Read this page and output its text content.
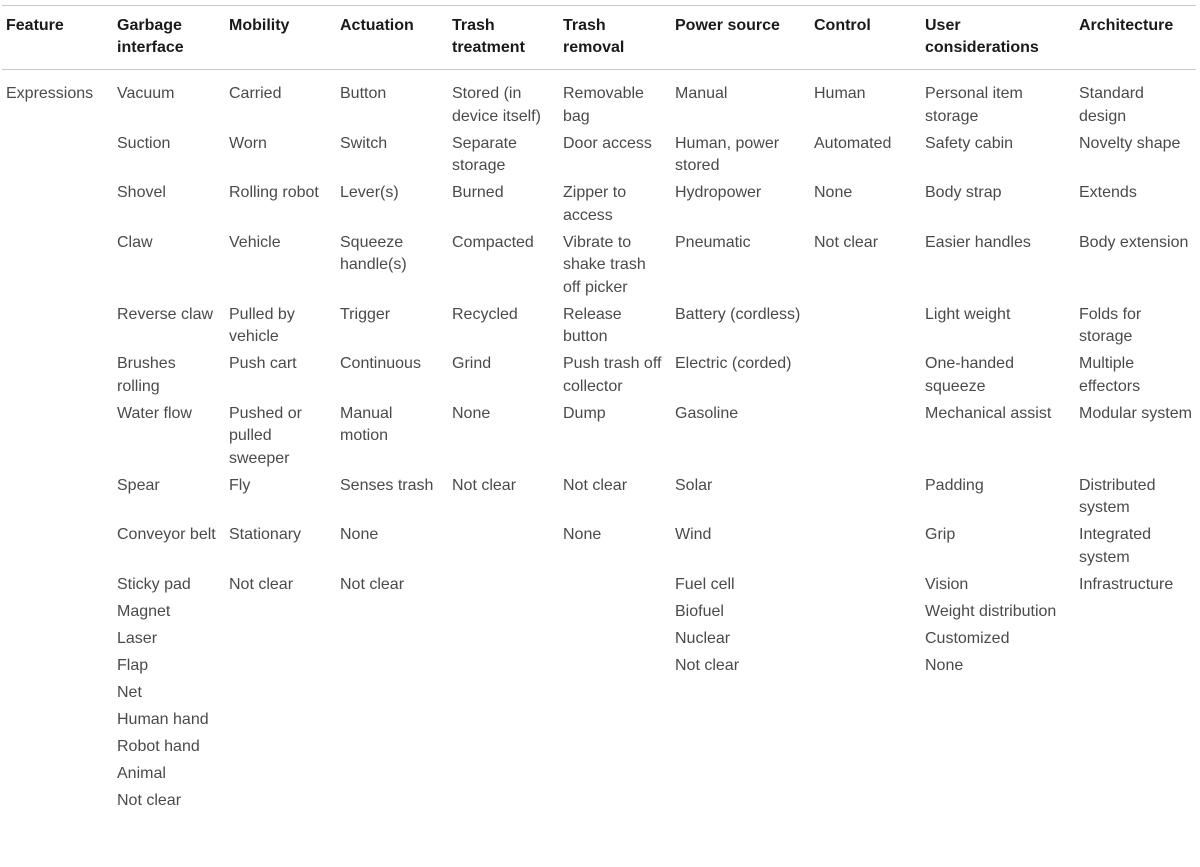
Feature	Garbage interface	Mobility	Actuation	Trash treatment	Trash removal	Power source	Control	User considerations	Architecture
Expressions	Vacuum	Carried	Button	Stored (in device itself)	Removable bag	Manual	Human	Personal item storage	Standard design
	Suction	Worn	Switch	Separate storage	Door access	Human, power stored	Automated	Safety cabin	Novelty shape
	Shovel	Rolling robot	Lever(s)	Burned	Zipper to access	Hydropower	None	Body strap	Extends
	Claw	Vehicle	Squeeze handle(s)	Compacted	Vibrate to shake trash off picker	Pneumatic	Not clear	Easier handles	Body extension
	Reverse claw	Pulled by vehicle	Trigger	Recycled	Release button	Battery (cordless)		Light weight	Folds for storage
	Brushes rolling	Push cart	Continuous	Grind	Push trash off collector	Electric (corded)		One-handed squeeze	Multiple effectors
	Water flow	Pushed or pulled sweeper	Manual motion	None	Dump	Gasoline		Mechanical assist	Modular system
	Spear	Fly	Senses trash	Not clear	Not clear	Solar		Padding	Distributed system
	Conveyor belt	Stationary	None		None	Wind		Grip	Integrated system
	Sticky pad	Not clear	Not clear			Fuel cell		Vision	Infrastructure
	Magnet					Biofuel		Weight distribution	
	Laser					Nuclear		Customized	
	Flap					Not clear		None	
	Net								
	Human hand								
	Robot hand								
	Animal								
	Not clear								
